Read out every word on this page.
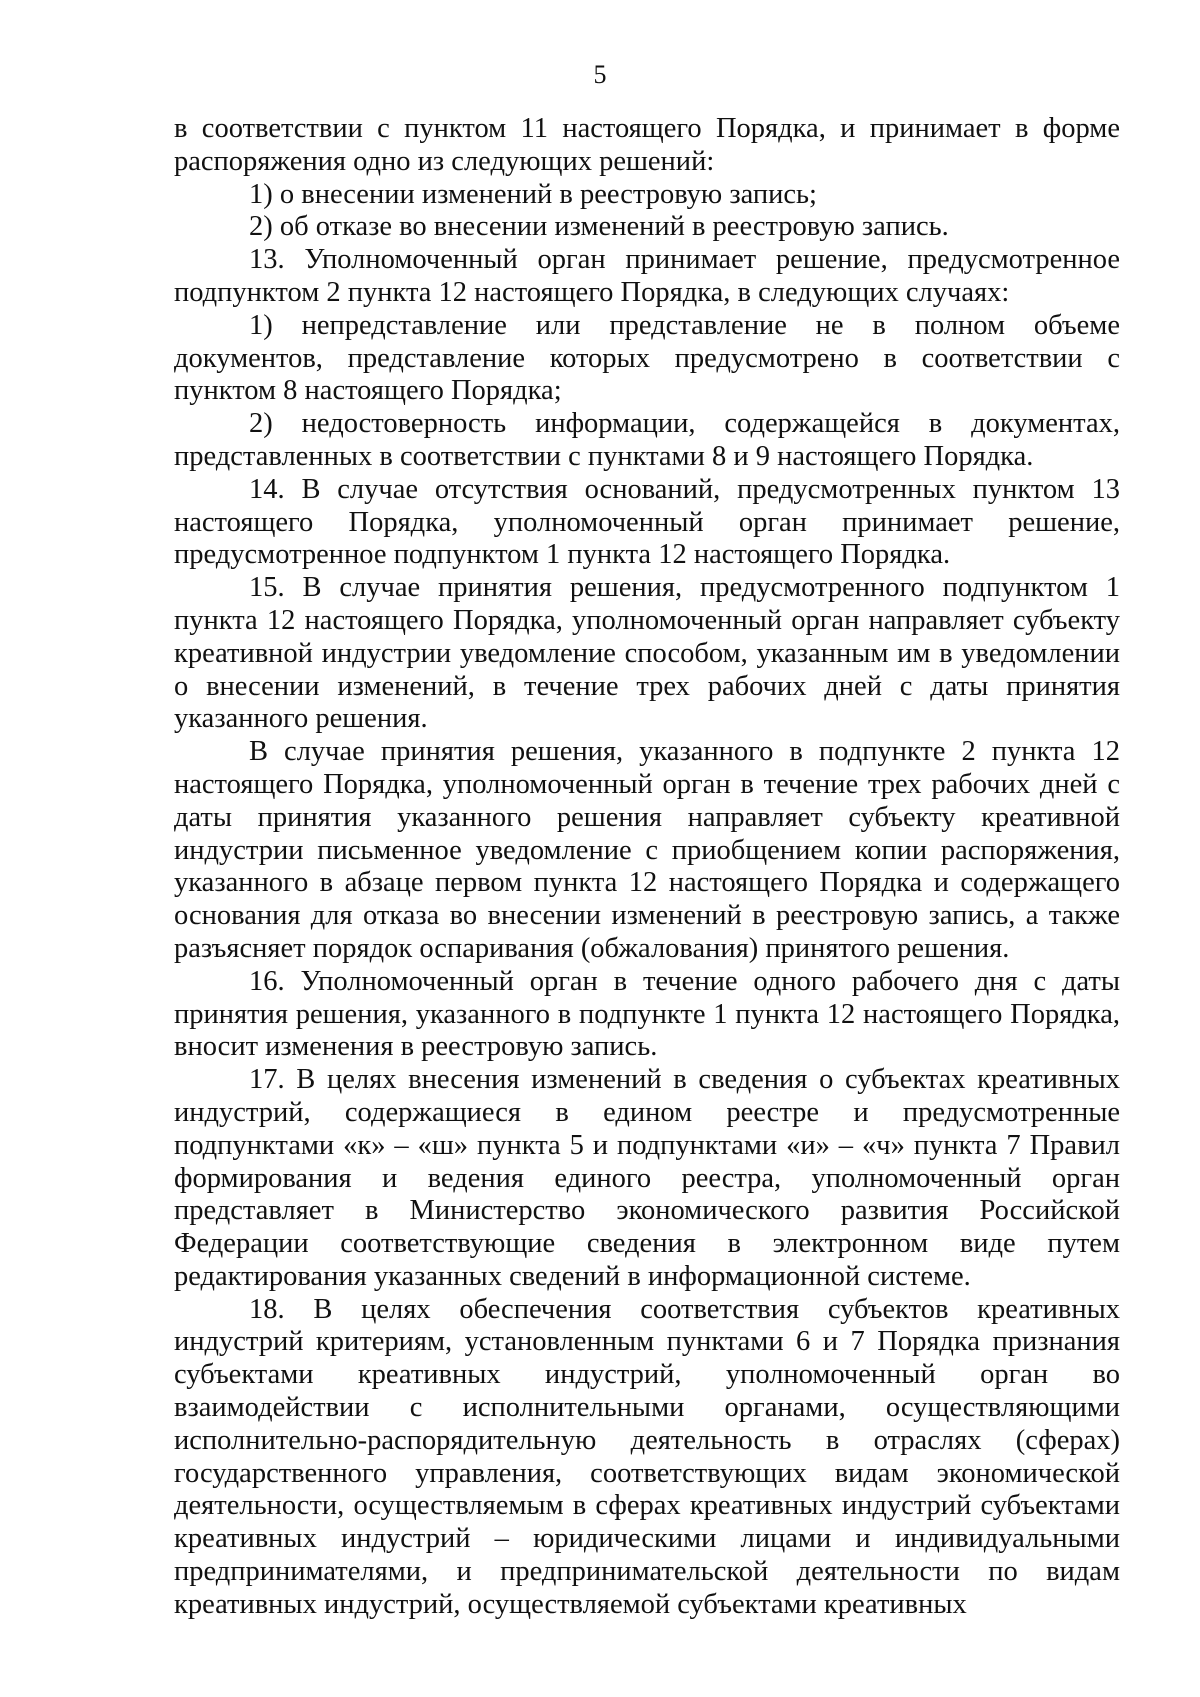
5

в соответствии с пунктом 11 настоящего Порядка, и принимает в форме распоряжения одно из следующих решений:

1) о внесении изменений в реестровую запись;

2) об отказе во внесении изменений в реестровую запись.

13. Уполномоченный орган принимает решение, предусмотренное подпунктом 2 пункта 12 настоящего Порядка, в следующих случаях:

1) непредставление или представление не в полном объеме документов, представление которых предусмотрено в соответствии с пунктом 8 настоящего Порядка;

2) недостоверность информации, содержащейся в документах, представленных в соответствии с пунктами 8 и 9 настоящего Порядка.

14. В случае отсутствия оснований, предусмотренных пунктом 13 настоящего Порядка, уполномоченный орган принимает решение, предусмотренное подпунктом 1 пункта 12 настоящего Порядка.

15. В случае принятия решения, предусмотренного подпунктом 1 пункта 12 настоящего Порядка, уполномоченный орган направляет субъекту креативной индустрии уведомление способом, указанным им в уведомлении о внесении изменений, в течение трех рабочих дней с даты принятия указанного решения.

В случае принятия решения, указанного в подпункте 2 пункта 12 настоящего Порядка, уполномоченный орган в течение трех рабочих дней с даты принятия указанного решения направляет субъекту креативной индустрии письменное уведомление с приобщением копии распоряжения, указанного в абзаце первом пункта 12 настоящего Порядка и содержащего основания для отказа во внесении изменений в реестровую запись, а также разъясняет порядок оспаривания (обжалования) принятого решения.

16. Уполномоченный орган в течение одного рабочего дня с даты принятия решения, указанного в подпункте 1 пункта 12 настоящего Порядка, вносит изменения в реестровую запись.

17. В целях внесения изменений в сведения о субъектах креативных индустрий, содержащиеся в едином реестре и предусмотренные подпунктами «к» – «ш» пункта 5 и подпунктами «и» – «ч» пункта 7 Правил формирования и ведения единого реестра, уполномоченный орган представляет в Министерство экономического развития Российской Федерации соответствующие сведения в электронном виде путем редактирования указанных сведений в информационной системе.

18. В целях обеспечения соответствия субъектов креативных индустрий критериям, установленным пунктами 6 и 7 Порядка признания субъектами креативных индустрий, уполномоченный орган во взаимодействии с исполнительными органами, осуществляющими исполнительно-распорядительную деятельность в отраслях (сферах) государственного управления, соответствующих видам экономической деятельности, осуществляемым в сферах креативных индустрий субъектами креативных индустрий – юридическими лицами и индивидуальными предпринимателями, и предпринимательской деятельности по видам креативных индустрий, осуществляемой субъектами креативных
